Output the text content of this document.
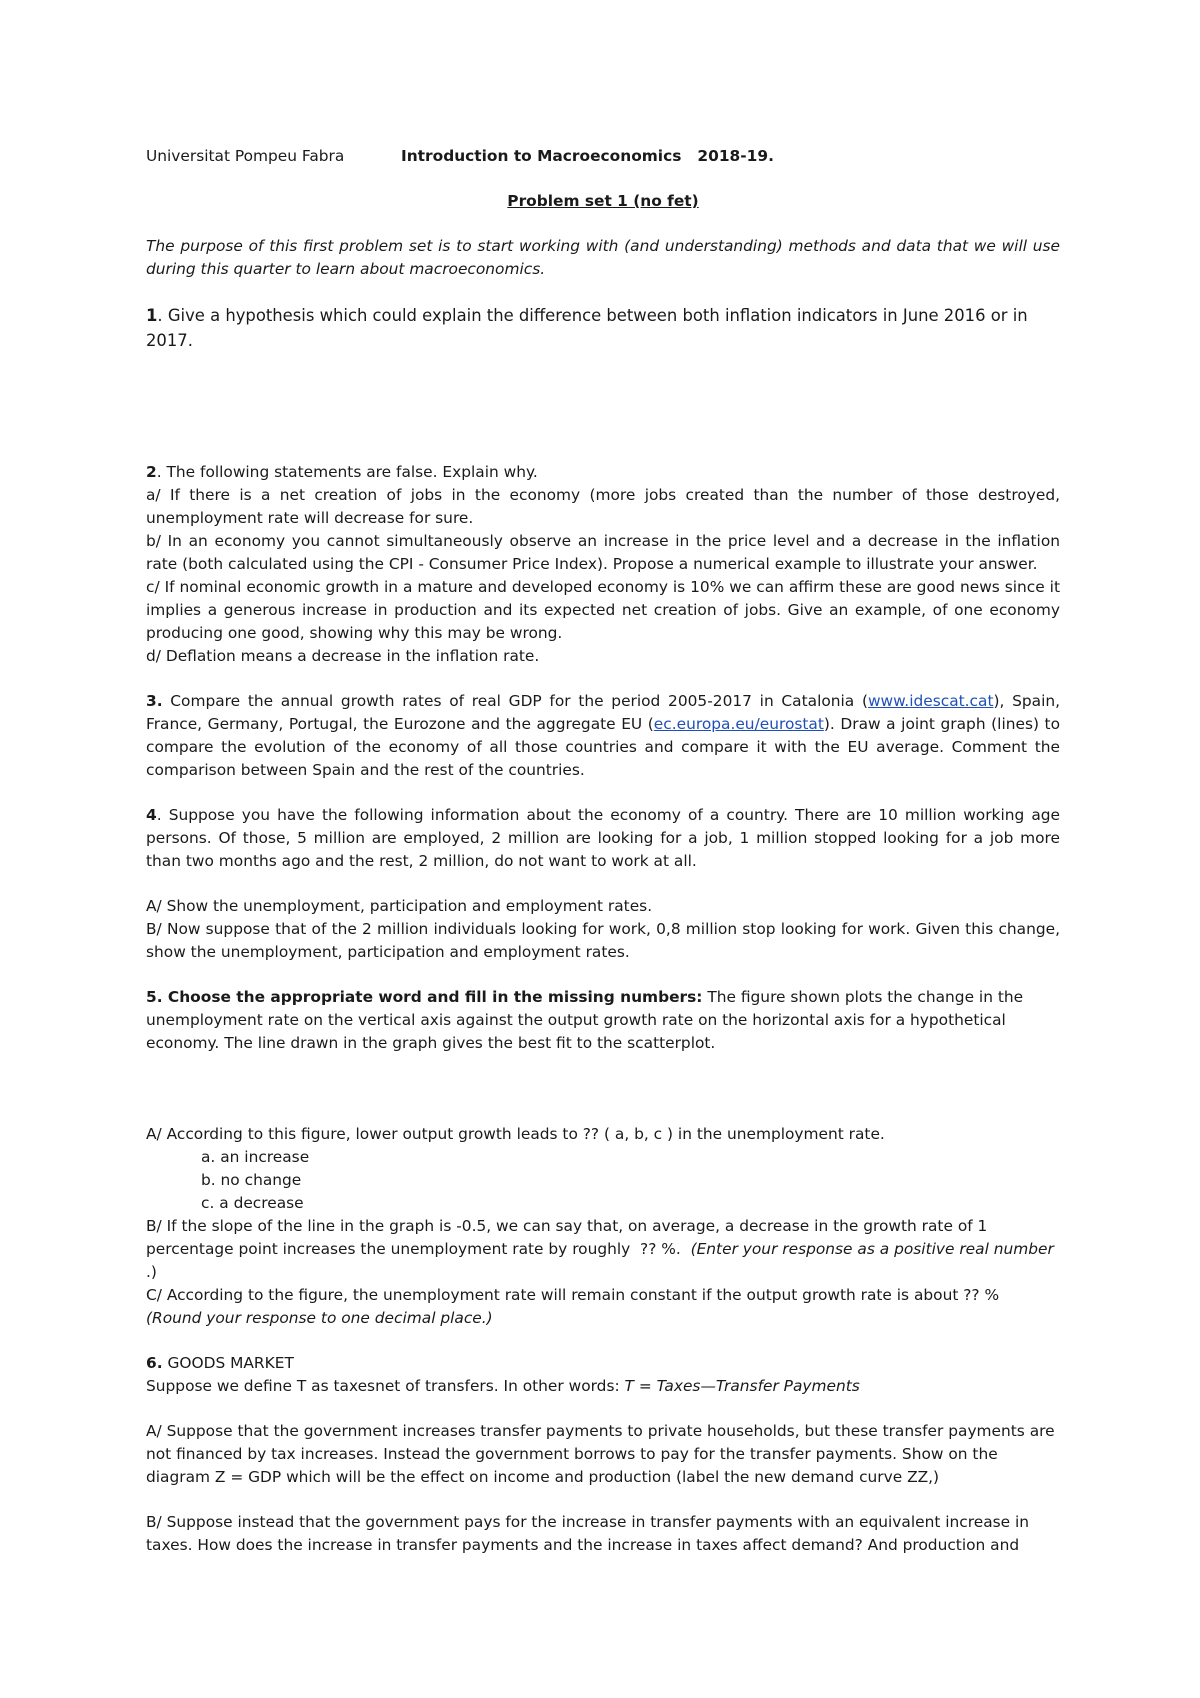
Universitat Pompeu Fabra	Introduction to Macroeconomics   2018-19.

Problem set 1 (no fet)

The purpose of this first problem set is to start working with (and understanding) methods and data that we will use during this quarter to learn about macroeconomics.

1. Give a hypothesis which could explain the difference between both inflation indicators in June 2016 or in 2017.

2. The following statements are false. Explain why.

a/ If there is a net creation of jobs in the economy (more jobs created than the number of those destroyed, unemployment rate will decrease for sure.

b/ In an economy you cannot simultaneously observe an increase in the price level and a decrease in the inflation rate (both calculated using the CPI - Consumer Price Index). Propose a numerical example to illustrate your answer.

c/ If nominal economic growth in a mature and developed economy is 10% we can affirm these are good news since it implies a generous increase in production and its expected net creation of jobs. Give an example, of one economy producing one good, showing why this may be wrong.

d/ Deflation means a decrease in the inflation rate.

3. Compare the annual growth rates of real GDP for the period 2005-2017 in Catalonia (www.idescat.cat), Spain, France, Germany, Portugal, the Eurozone and the aggregate EU (ec.europa.eu/eurostat). Draw a joint graph (lines) to compare the evolution of the economy of all those countries and compare it with the EU average. Comment the comparison between Spain and the rest of the countries.

4. Suppose you have the following information about the economy of a country. There are 10 million working age persons. Of those, 5 million are employed, 2 million are looking for a job, 1 million stopped looking for a job more than two months ago and the rest, 2 million, do not want to work at all.

A/ Show the unemployment, participation and employment rates.

B/ Now suppose that of the 2 million individuals looking for work, 0,8 million stop looking for work. Given this change, show the unemployment, participation and employment rates.

5. Choose the appropriate word and fill in the missing numbers: The figure shown plots the change in the unemployment rate on the vertical axis against the output growth rate on the horizontal axis for a hypothetical economy. The line drawn in the graph gives the best fit to the scatterplot.

A/ According to this figure, lower output growth leads to ?? ( a, b, c ) in the unemployment rate.

a. an increase

b. no change

c. a decrease

B/ If the slope of the line in the graph is -0.5, we can say that, on average, a decrease in the growth rate of 1 percentage point increases the unemployment rate by roughly  ?? %.  (Enter your response as a positive real number
.)

C/ According to the figure, the unemployment rate will remain constant if the output growth rate is about ?? %
(Round your response to one decimal place.)

6. GOODS MARKET

Suppose we define T as taxesnet of transfers. In other words: T = Taxes—Transfer Payments

A/ Suppose that the government increases transfer payments to private households, but these transfer payments are not financed by tax increases. Instead the government borrows to pay for the transfer payments. Show on the diagram Z = GDP which will be the effect on income and production (label the new demand curve ZZ,)

B/ Suppose instead that the government pays for the increase in transfer payments with an equivalent increase in taxes. How does the increase in transfer payments and the increase in taxes affect demand? And production and
